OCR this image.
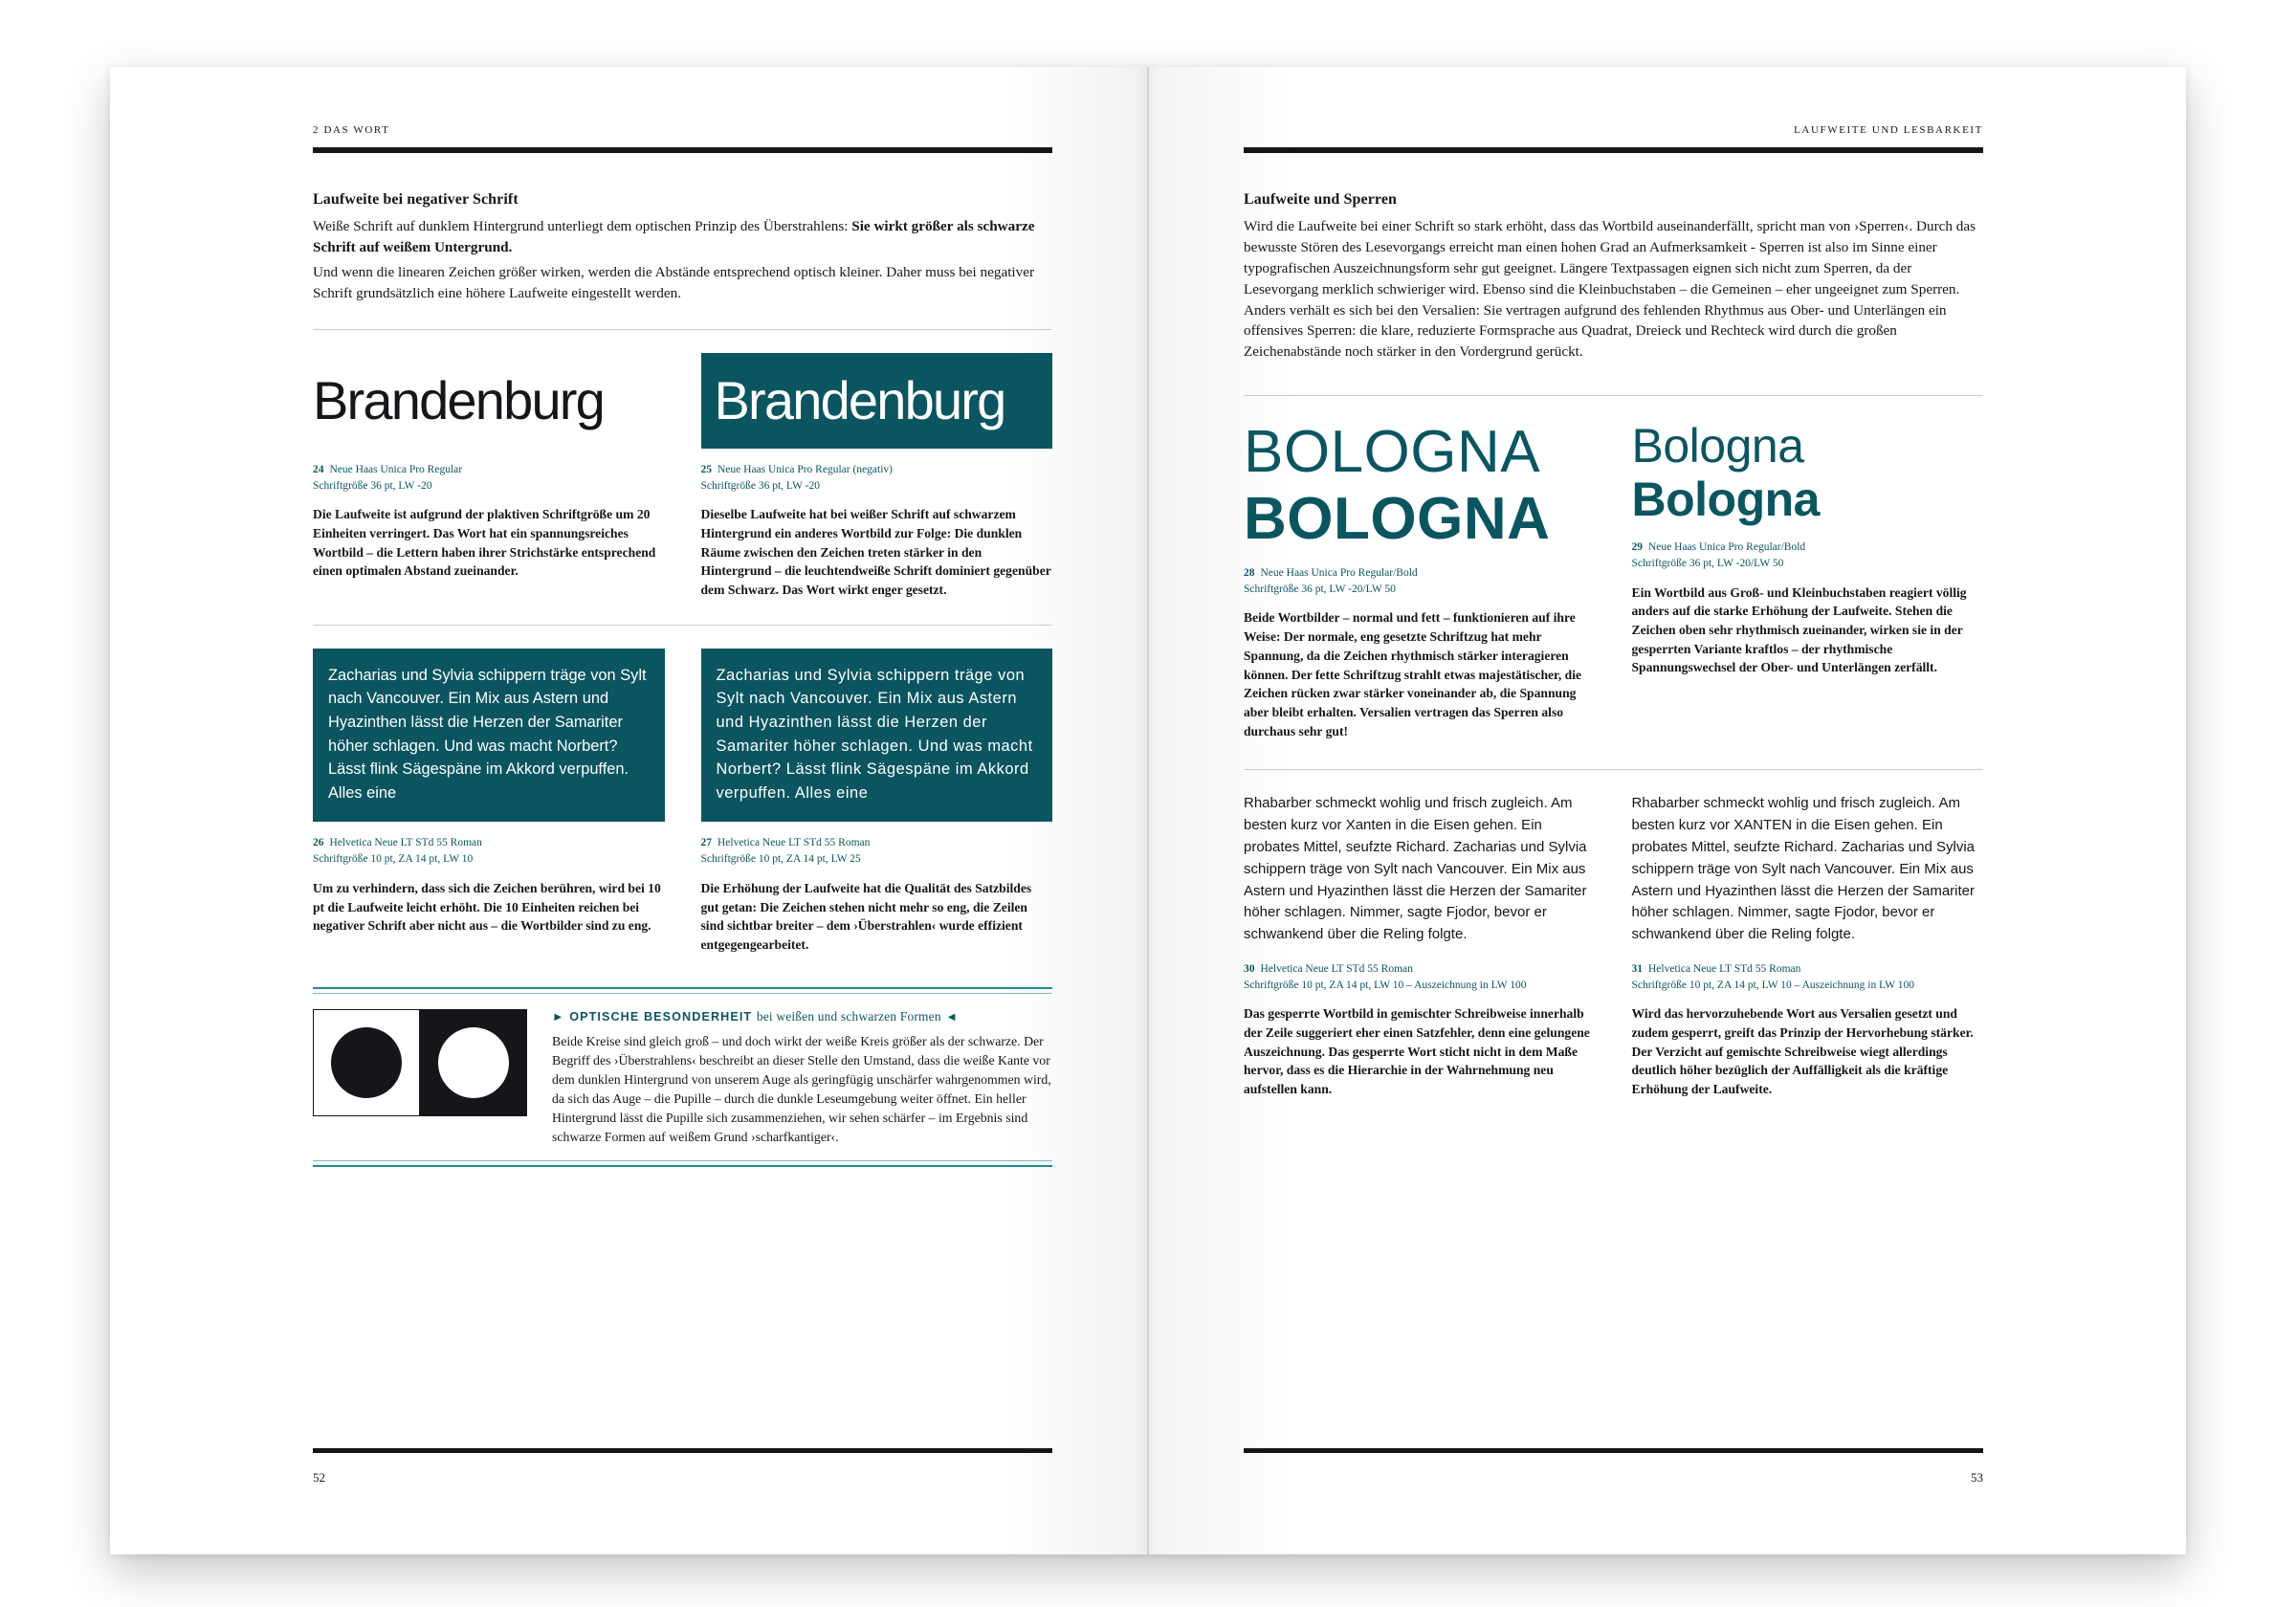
2 DAS WORT
Laufweite bei negativer Schrift

Weiße Schrift auf dunklem Hintergrund unterliegt dem optischen Prinzip des Überstrahlens: Sie wirkt größer als schwarze Schrift auf weißem Untergrund.

Und wenn die linearen Zeichen größer wirken, werden die Abstände entsprechend optisch kleiner. Daher muss bei negativer Schrift grundsätzlich eine höhere Laufweite eingestellt werden.

Brandenburg
24 Neue Haas Unica Pro Regular
Schriftgröße 36 pt, LW -20
Die Laufweite ist aufgrund der plaktiven Schriftgröße um 20 Einheiten verringert. Das Wort hat ein spannungsreiches Wortbild – die Lettern haben ihrer Strichstärke entsprechend einen optimalen Abstand zueinander.
Brandenburg
25 Neue Haas Unica Pro Regular (negativ)
Schriftgröße 36 pt, LW -20
Dieselbe Laufweite hat bei weißer Schrift auf schwarzem Hintergrund ein anderes Wortbild zur Folge: Die dunklen Räume zwischen den Zeichen treten stärker in den Hintergrund – die leuchtendweiße Schrift dominiert gegenüber dem Schwarz. Das Wort wirkt enger gesetzt.
Zacharias und Sylvia schippern träge von Sylt nach Vancouver. Ein Mix aus Astern und Hyazinthen lässt die Herzen der Samariter höher schlagen. Und was macht Norbert? Lässt flink Sägespäne im Akkord verpuffen. Alles eine
26 Helvetica Neue LT STd 55 Roman
Schriftgröße 10 pt, ZA 14 pt, LW 10
Um zu verhindern, dass sich die Zeichen berühren, wird bei 10 pt die Laufweite leicht erhöht. Die 10 Einheiten reichen bei negativer Schrift aber nicht aus – die Wortbilder sind zu eng.
Zacharias und Sylvia schippern träge von Sylt nach Vancouver. Ein Mix aus Astern und Hyazinthen lässt die Herzen der Samariter höher schlagen. Und was macht Norbert? Lässt flink Sägespäne im Akkord verpuffen. Alles eine
27 Helvetica Neue LT STd 55 Roman
Schriftgröße 10 pt, ZA 14 pt, LW 25
Die Erhöhung der Laufweite hat die Qualität des Satzbildes gut getan: Die Zeichen stehen nicht mehr so eng, die Zeilen sind sichtbar breiter – dem ›Überstrahlen‹ wurde effizient entgegengearbeitet.
► OPTISCHE BESONDERHEIT bei weißen und schwarzen Formen ◄
Beide Kreise sind gleich groß – und doch wirkt der weiße Kreis größer als der schwarze. Der Begriff des ›Überstrahlens‹ beschreibt an dieser Stelle den Umstand, dass die weiße Kante vor dem dunklen Hintergrund von unserem Auge als geringfügig unschärfer wahrgenommen wird, da sich das Auge – die Pupille – durch die dunkle Leseumgebung weiter öffnet. Ein heller Hintergrund lässt die Pupille sich zusammenziehen, wir sehen schärfer – im Ergebnis sind schwarze Formen auf weißem Grund ›scharfkantiger‹.
52
LAUFWEITE UND LESBARKEIT
Laufweite und Sperren

Wird die Laufweite bei einer Schrift so stark erhöht, dass das Wortbild auseinanderfällt, spricht man von ›Sperren‹. Durch das bewusste Stören des Lesevorgangs erreicht man einen hohen Grad an Aufmerksamkeit - Sperren ist also im Sinne einer typografischen Auszeichnungsform sehr gut geeignet. Längere Textpassagen eignen sich nicht zum Sperren, da der Lesevorgang merklich schwieriger wird. Ebenso sind die Kleinbuchstaben – die Gemeinen – eher ungeeignet zum Sperren. Anders verhält es sich bei den Versalien: Sie vertragen aufgrund des fehlenden Rhythmus aus Ober- und Unterlängen ein offensives Sperren: die klare, reduzierte Formsprache aus Quadrat, Dreieck und Rechteck wird durch die großen Zeichenabstände noch stärker in den Vordergrund gerückt.

BOLOGNA
BOLOGNA
28 Neue Haas Unica Pro Regular/Bold
Schriftgröße 36 pt, LW -20/LW 50
Beide Wortbilder – normal und fett – funktionieren auf ihre Weise: Der normale, eng gesetzte Schriftzug hat mehr Spannung, da die Zeichen rhythmisch stärker interagieren können. Der fette Schriftzug strahlt etwas majestätischer, die Zeichen rücken zwar stärker voneinander ab, die Spannung aber bleibt erhalten. Versalien vertragen das Sperren also durchaus sehr gut!
Bologna
Bologna
29 Neue Haas Unica Pro Regular/Bold
Schriftgröße 36 pt, LW -20/LW 50
Ein Wortbild aus Groß- und Kleinbuchstaben reagiert völlig anders auf die starke Erhöhung der Laufweite. Stehen die Zeichen oben sehr rhythmisch zueinander, wirken sie in der gesperrten Variante kraftlos – der rhythmische Spannungswechsel der Ober- und Unterlängen zerfällt.
Rhabarber schmeckt wohlig und frisch zugleich. Am besten kurz vor Xanten in die Eisen gehen. Ein probates Mittel, seufzte Richard. Zacharias und Sylvia schippern träge von Sylt nach Vancouver. Ein Mix aus Astern und Hyazinthen lässt die Herzen der Samariter höher schlagen. Nimmer, sagte Fjodor, bevor er schwankend über die Reling folgte.
30 Helvetica Neue LT STd 55 Roman
Schriftgröße 10 pt, ZA 14 pt, LW 10 – Auszeichnung in LW 100
Das gesperrte Wortbild in gemischter Schreibweise innerhalb der Zeile suggeriert eher einen Satzfehler, denn eine gelungene Auszeichnung. Das gesperrte Wort sticht nicht in dem Maße hervor, dass es die Hierarchie in der Wahrnehmung neu aufstellen kann.
Rhabarber schmeckt wohlig und frisch zugleich. Am besten kurz vor XANTEN in die Eisen gehen. Ein probates Mittel, seufzte Richard. Zacharias und Sylvia schippern träge von Sylt nach Vancouver. Ein Mix aus Astern und Hyazinthen lässt die Herzen der Samariter höher schlagen. Nimmer, sagte Fjodor, bevor er schwankend über die Reling folgte.
31 Helvetica Neue LT STd 55 Roman
Schriftgröße 10 pt, ZA 14 pt, LW 10 – Auszeichnung in LW 100
Wird das hervorzuhebende Wort aus Versalien gesetzt und zudem gesperrt, greift das Prinzip der Hervorhebung stärker. Der Verzicht auf gemischte Schreibweise wiegt allerdings deutlich höher bezüglich der Auffälligkeit als die kräftige Erhöhung der Laufweite.
53
